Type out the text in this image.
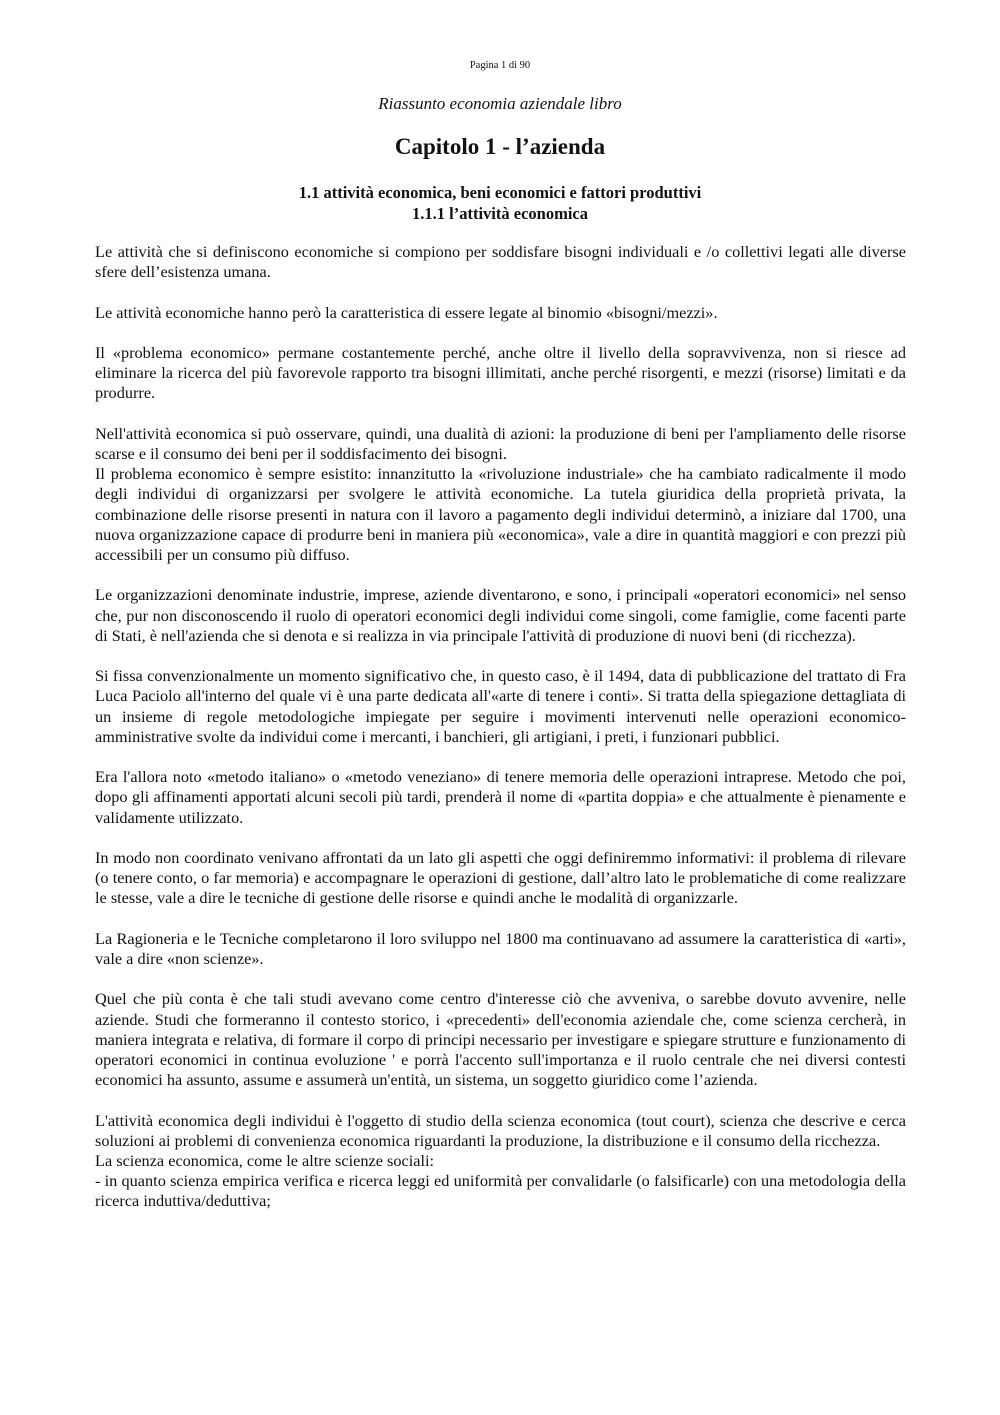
Pagina 1 di 90
Riassunto economia aziendale libro
Capitolo 1 - l’azienda
1.1 attività economica, beni economici e fattori produttivi
1.1.1 l’attività economica

Le attività che si definiscono economiche si compiono per soddisfare bisogni individuali e /o collettivi legati alle diverse sfere dell’esistenza umana.

Le attività economiche hanno però la caratteristica di essere legate al binomio «bisogni/mezzi».

Il «problema economico» permane costantemente perché, anche oltre il livello della sopravvivenza, non si riesce ad eliminare la ricerca del più favorevole rapporto tra bisogni illimitati, anche perché risorgenti, e mezzi (risorse) limitati e da produrre.

Nell'attività economica si può osservare, quindi, una dualità di azioni: la produzione di beni per l'ampliamento delle risorse scarse e il consumo dei beni per il soddisfacimento dei bisogni.

Il problema economico è sempre esistito: innanzitutto la «rivoluzione industriale» che ha cambiato radicalmente il modo degli individui di organizzarsi per svolgere le attività economiche. La tutela giuridica della proprietà privata, la combinazione delle risorse presenti in natura con il lavoro a pagamento degli individui determinò, a iniziare dal 1700, una nuova organizzazione capace di produrre beni in maniera più «economica», vale a dire in quantità maggiori e con prezzi più accessibili per un consumo più diffuso.

Le organizzazioni denominate industrie, imprese, aziende diventarono, e sono, i principali «operatori economici» nel senso che, pur non disconoscendo il ruolo di operatori economici degli individui come singoli, come famiglie, come facenti parte di Stati, è nell'azienda che si denota e si realizza in via principale l'attività di produzione di nuovi beni (di ricchezza).

Si fissa convenzionalmente un momento significativo che, in questo caso, è il 1494, data di pubblicazione del trattato di Fra Luca Paciolo all'interno del quale vi è una parte dedicata all'«arte di tenere i conti». Si tratta della spiegazione dettagliata di un insieme di regole metodologiche impiegate per seguire i movimenti intervenuti nelle operazioni economico-amministrative svolte da individui come i mercanti, i banchieri, gli artigiani, i preti, i funzionari pubblici.

Era l'allora noto «metodo italiano» o «metodo veneziano» di tenere memoria delle operazioni intraprese. Metodo che poi, dopo gli affinamenti apportati alcuni secoli più tardi, prenderà il nome di «partita doppia» e che attualmente è pienamente e validamente utilizzato.

In modo non coordinato venivano affrontati da un lato gli aspetti che oggi definiremmo informativi: il problema di rilevare (o tenere conto, o far memoria) e accompagnare le operazioni di gestione, dall’altro lato le problematiche di come realizzare le stesse, vale a dire le tecniche di gestione delle risorse e quindi anche le modalità di organizzarle.

La Ragioneria e le Tecniche completarono il loro sviluppo nel 1800 ma continuavano ad assumere la caratteristica di «arti», vale a dire «non scienze».

Quel che più conta è che tali studi avevano come centro d'interesse ciò che avveniva, o sarebbe dovuto avvenire, nelle aziende. Studi che formeranno il contesto storico, i «precedenti» dell'economia aziendale che, come scienza cercherà, in maniera integrata e relativa, di formare il corpo di principi necessario per investigare e spiegare strutture e funzionamento di operatori economici in continua evoluzione ' e porrà l'accento sull'importanza e il ruolo centrale che nei diversi contesti economici ha assunto, assume e assumerà un'entità, un sistema, un soggetto giuridico come l’azienda.

L'attività economica degli individui è l'oggetto di studio della scienza economica (tout court), scienza che descrive e cerca soluzioni ai problemi di convenienza economica riguardanti la produzione, la distribuzione e il consumo della ricchezza.

La scienza economica, come le altre scienze sociali:

- in quanto scienza empirica verifica e ricerca leggi ed uniformità per convalidarle (o falsificarle) con una metodologia della ricerca induttiva/deduttiva;
